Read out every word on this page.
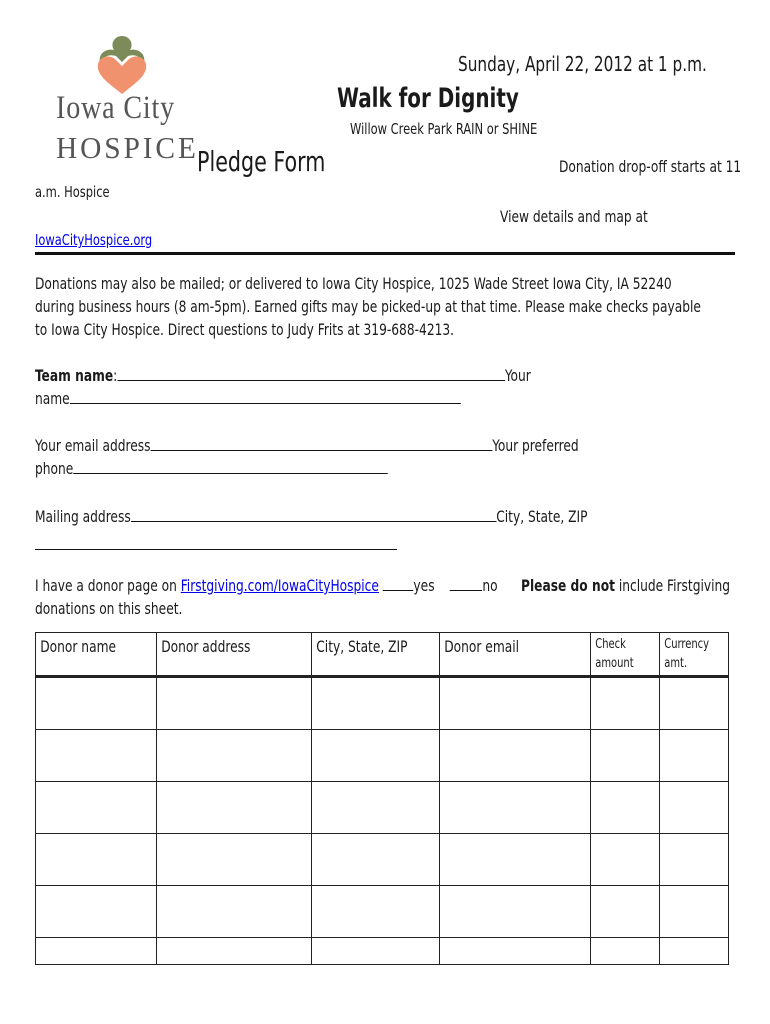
Iowa City
HOSPICE
Sunday, April 22, 2012 at 1 p.m.
Walk for Dignity
Willow Creek Park RAIN or SHINE
Pledge Form	Donation drop-off starts at 11
a.m. Hospice
View details and map at
IowaCityHospice.org
Donations may also be mailed; or delivered to Iowa City Hospice, 1025 Wade Street Iowa City, IA 52240 during business hours (8 am-5pm). Earned gifts may be picked-up at that time. Please make checks payable to Iowa City Hospice. Direct questions to Judy Frits at 319-688-4213.
Team name:	Your
name
Your email address	Your preferred
phone
Mailing address	City, State, ZIP
I have a donor page on Firstgiving.com/IowaCityHospice yes	no Please do not include Firstgiving
donations on this sheet.
Donor name	Donor address	City, State, ZIP	Donor email	Check amount	Currency amt.
